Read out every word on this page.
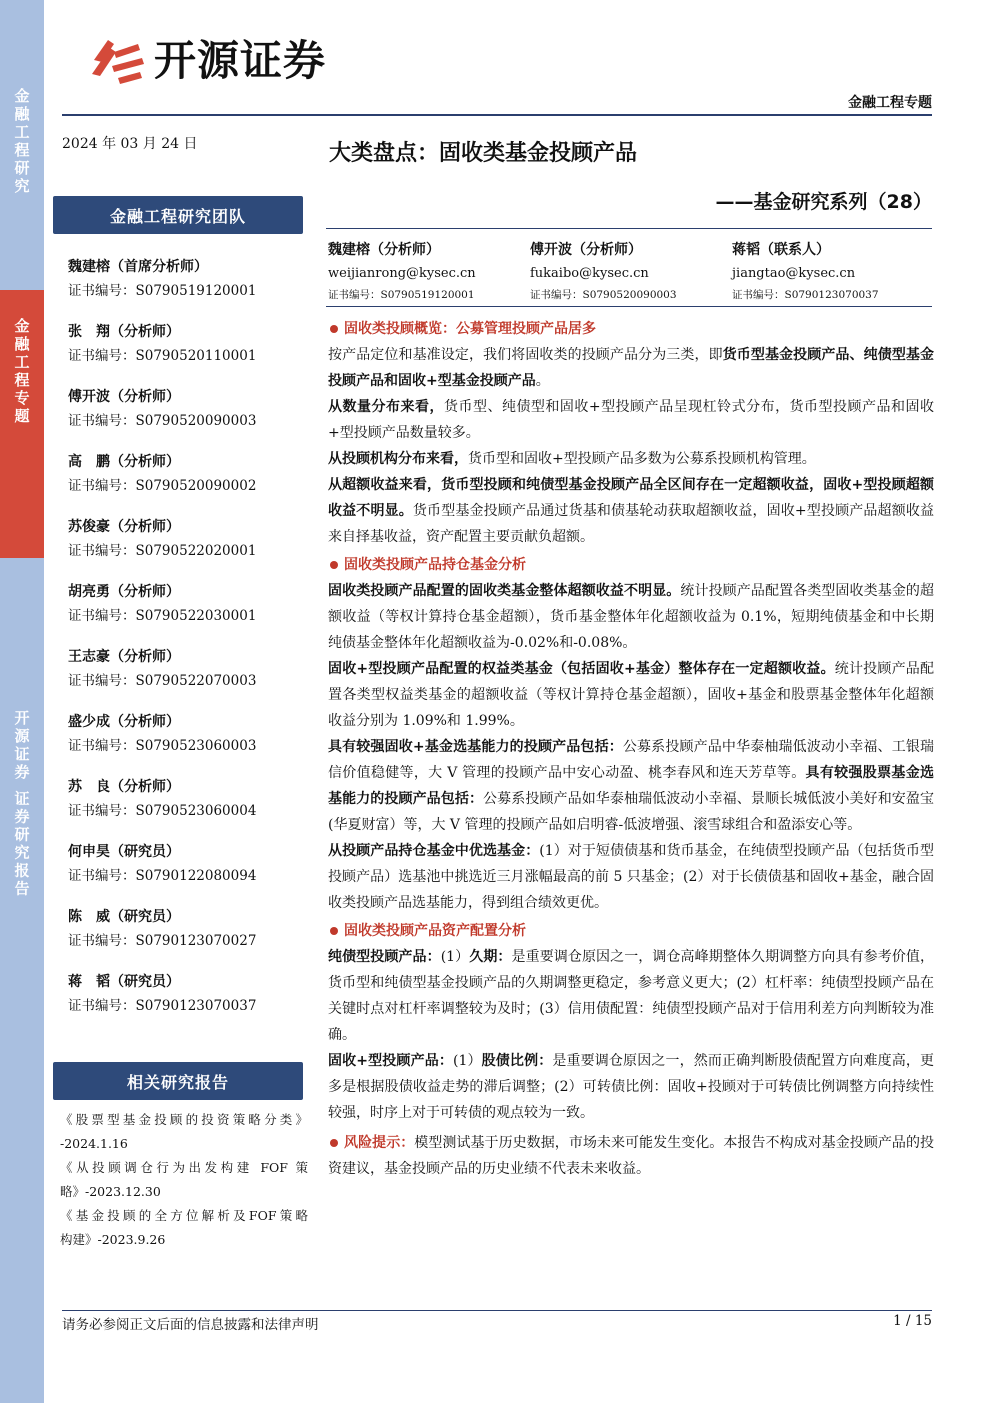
金融工程研究
金融工程专题
开源证券 证券研究报告
开源证券
金融工程专题
2024 年 03 月 24 日
金融工程研究团队
魏建榕（首席分析师）
证书编号：S0790519120001
张　翔（分析师）
证书编号：S0790520110001
傅开波（分析师）
证书编号：S0790520090003
高　鹏（分析师）
证书编号：S0790520090002
苏俊豪（分析师）
证书编号：S0790522020001
胡亮勇（分析师）
证书编号：S0790522030001
王志豪（分析师）
证书编号：S0790522070003
盛少成（分析师）
证书编号：S0790523060003
苏　良（分析师）
证书编号：S0790523060004
何申昊（研究员）
证书编号：S0790122080094
陈　威（研究员）
证书编号：S0790123070027
蒋　韬（研究员）
证书编号：S0790123070037
相关研究报告
《股票型基金投顾的投资策略分类》
-2024.1.16
《从投顾调仓行为出发构建 FOF 策
略》-2023.12.30
《基金投顾的全方位解析及FOF策略
构建》-2023.9.26
大类盘点：固收类基金投顾产品
——基金研究系列（28）
魏建榕（分析师）
weijianrong@kysec.cn
证书编号：S0790519120001
傅开波（分析师）
fukaibo@kysec.cn
证书编号：S0790520090003
蒋韬（联系人）
jiangtao@kysec.cn
证书编号：S0790123070037
固收类投顾概览：公募管理投顾产品居多

按产品定位和基准设定，我们将固收类的投顾产品分为三类，即货币型基金投顾产品、纯债型基金投顾产品和固收+型基金投顾产品。

从数量分布来看，货币型、纯债型和固收+型投顾产品呈现杠铃式分布，货币型投顾产品和固收+型投顾产品数量较多。

从投顾机构分布来看，货币型和固收+型投顾产品多数为公募系投顾机构管理。

从超额收益来看，货币型投顾和纯债型基金投顾产品全区间存在一定超额收益，固收+型投顾超额收益不明显。货币型基金投顾产品通过货基和债基轮动获取超额收益，固收+型投顾产品超额收益来自择基收益，资产配置主要贡献负超额。

固收类投顾产品持仓基金分析

固收类投顾产品配置的固收类基金整体超额收益不明显。统计投顾产品配置各类型固收类基金的超额收益（等权计算持仓基金超额），货币基金整体年化超额收益为 0.1%，短期纯债基金和中长期纯债基金整体年化超额收益为-0.02%和-0.08%。

固收+型投顾产品配置的权益类基金（包括固收+基金）整体存在一定超额收益。统计投顾产品配置各类型权益类基金的超额收益（等权计算持仓基金超额），固收+基金和股票基金整体年化超额收益分别为 1.09%和 1.99%。

具有较强固收+基金选基能力的投顾产品包括：公募系投顾产品中华泰柚瑞低波动小幸福、工银瑞信价值稳健等，大 V 管理的投顾产品中安心动盈、桃李春风和连天芳草等。具有较强股票基金选基能力的投顾产品包括：公募系投顾产品如华泰柚瑞低波动小幸福、景顺长城低波小美好和安盈宝(华夏财富）等，大 V 管理的投顾产品如启明睿-低波增强、滚雪球组合和盈添安心等。

从投顾产品持仓基金中优选基金：(1）对于短债债基和货币基金，在纯债型投顾产品（包括货币型投顾产品）选基池中挑选近三月涨幅最高的前 5 只基金；(2）对于长债债基和固收+基金，融合固收类投顾产品选基能力，得到组合绩效更优。

固收类投顾产品资产配置分析

纯债型投顾产品：(1）久期：是重要调仓原因之一，调仓高峰期整体久期调整方向具有参考价值，货币型和纯债型基金投顾产品的久期调整更稳定，参考意义更大；(2）杠杆率：纯债型投顾产品在关键时点对杠杆率调整较为及时；(3）信用债配置：纯债型投顾产品对于信用利差方向判断较为准确。

固收+型投顾产品：(1）股债比例：是重要调仓原因之一，然而正确判断股债配置方向难度高，更多是根据股债收益走势的滞后调整；(2）可转债比例：固收+投顾对于可转债比例调整方向持续性较强，时序上对于可转债的观点较为一致。

风险提示：模型测试基于历史数据，市场未来可能发生变化。本报告不构成对基金投顾产品的投资建议，基金投顾产品的历史业绩不代表未来收益。

请务必参阅正文后面的信息披露和法律声明	1 / 15
